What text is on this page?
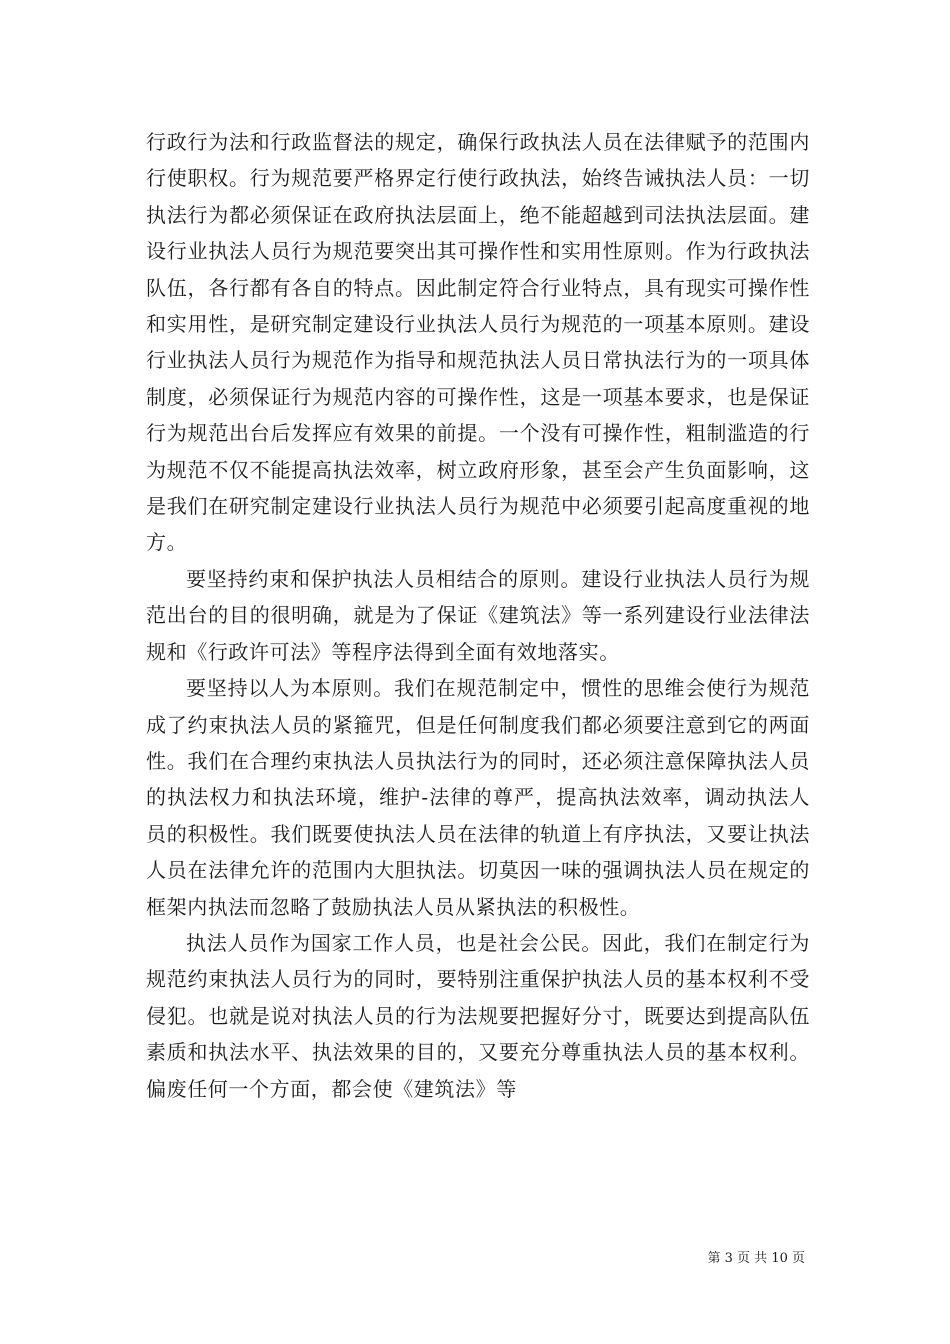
行政行为法和行政监督法的规定，确保行政执法人员在法律赋予的范围内行使职权。行为规范要严格界定行使行政执法，始终告诫执法人员：一切执法行为都必须保证在政府执法层面上，绝不能超越到司法执法层面。建设行业执法人员行为规范要突出其可操作性和实用性原则。作为行政执法队伍，各行都有各自的特点。因此制定符合行业特点，具有现实可操作性和实用性，是研究制定建设行业执法人员行为规范的一项基本原则。建设行业执法人员行为规范作为指导和规范执法人员日常执法行为的一项具体制度，必须保证行为规范内容的可操作性，这是一项基本要求，也是保证行为规范出台后发挥应有效果的前提。一个没有可操作性，粗制滥造的行为规范不仅不能提高执法效率，树立政府形象，甚至会产生负面影响，这是我们在研究制定建设行业执法人员行为规范中必须要引起高度重视的地方。

要坚持约束和保护执法人员相结合的原则。建设行业执法人员行为规范出台的目的很明确，就是为了保证《建筑法》等一系列建设行业法律法规和《行政许可法》等程序法得到全面有效地落实。

要坚持以人为本原则。我们在规范制定中，惯性的思维会使行为规范成了约束执法人员的紧箍咒，但是任何制度我们都必须要注意到它的两面性。我们在合理约束执法人员执法行为的同时，还必须注意保障执法人员的执法权力和执法环境，维护-法律的尊严，提高执法效率，调动执法人员的积极性。我们既要使执法人员在法律的轨道上有序执法，又要让执法人员在法律允许的范围内大胆执法。切莫因一味的强调执法人员在规定的框架内执法而忽略了鼓励执法人员从紧执法的积极性。

执法人员作为国家工作人员，也是社会公民。因此，我们在制定行为规范约束执法人员行为的同时，要特别注重保护执法人员的基本权利不受侵犯。也就是说对执法人员的行为法规要把握好分寸，既要达到提高队伍素质和执法水平、执法效果的目的，又要充分尊重执法人员的基本权利。偏废任何一个方面，都会使《建筑法》等

第 3 页 共 10 页
